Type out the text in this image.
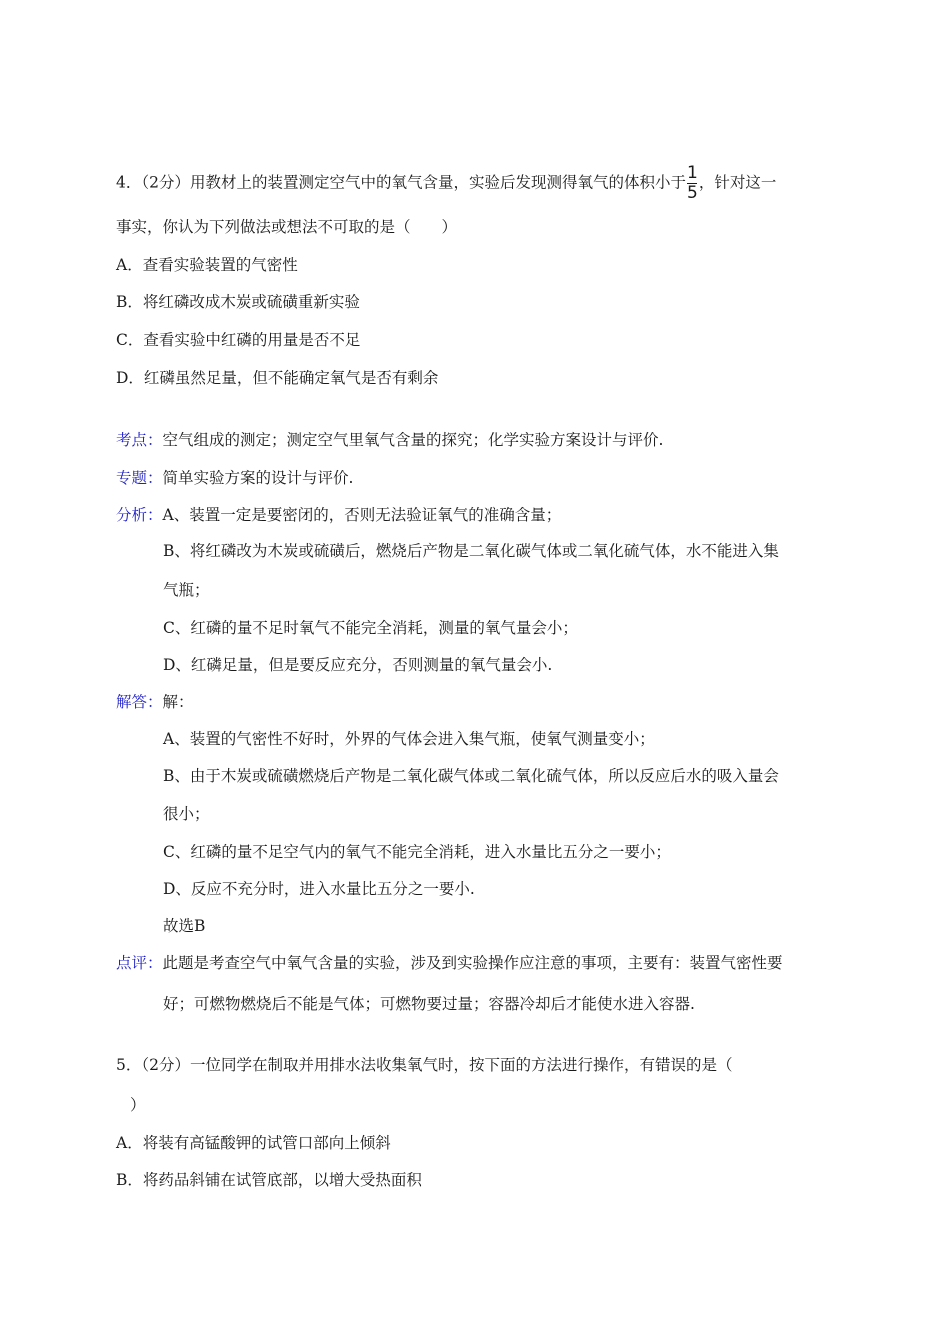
4．（2分）用教材上的装置测定空气中的氧气含量，实验后发现测得氧气的体积小于 $\frac{1}{5}$ ，针对这一
事实，你认为下列做法或想法不可取的是（　　）
A．查看实验装置的气密性
B．将红磷改成木炭或硫磺重新实验
C．查看实验中红磷的用量是否不足
D．红磷虽然足量，但不能确定氧气是否有剩余
考点：空气组成的测定；测定空气里氧气含量的探究；化学实验方案设计与评价.
专题：简单实验方案的设计与评价.
分析：A、装置一定是要密闭的，否则无法验证氧气的准确含量；
B、将红磷改为木炭或硫磺后，燃烧后产物是二氧化碳气体或二氧化硫气体，水不能进入集
气瓶；
C、红磷的量不足时氧气不能完全消耗，测量的氧气量会小；
D、红磷足量，但是要反应充分，否则测量的氧气量会小.
解答：解：
A、装置的气密性不好时，外界的气体会进入集气瓶，使氧气测量变小；
B、由于木炭或硫磺燃烧后产物是二氧化碳气体或二氧化硫气体，所以反应后水的吸入量会
很小；
C、红磷的量不足空气内的氧气不能完全消耗，进入水量比五分之一要小；
D、反应不充分时，进入水量比五分之一要小.
故选B
点评：此题是考查空气中氧气含量的实验，涉及到实验操作应注意的事项，主要有：装置气密性要
好；可燃物燃烧后不能是气体；可燃物要过量；容器冷却后才能使水进入容器.
5．（2分）一位同学在制取并用排水法收集氧气时，按下面的方法进行操作，有错误的是（
）
A．将装有高锰酸钾的试管口部向上倾斜
B．将药品斜铺在试管底部，以增大受热面积
